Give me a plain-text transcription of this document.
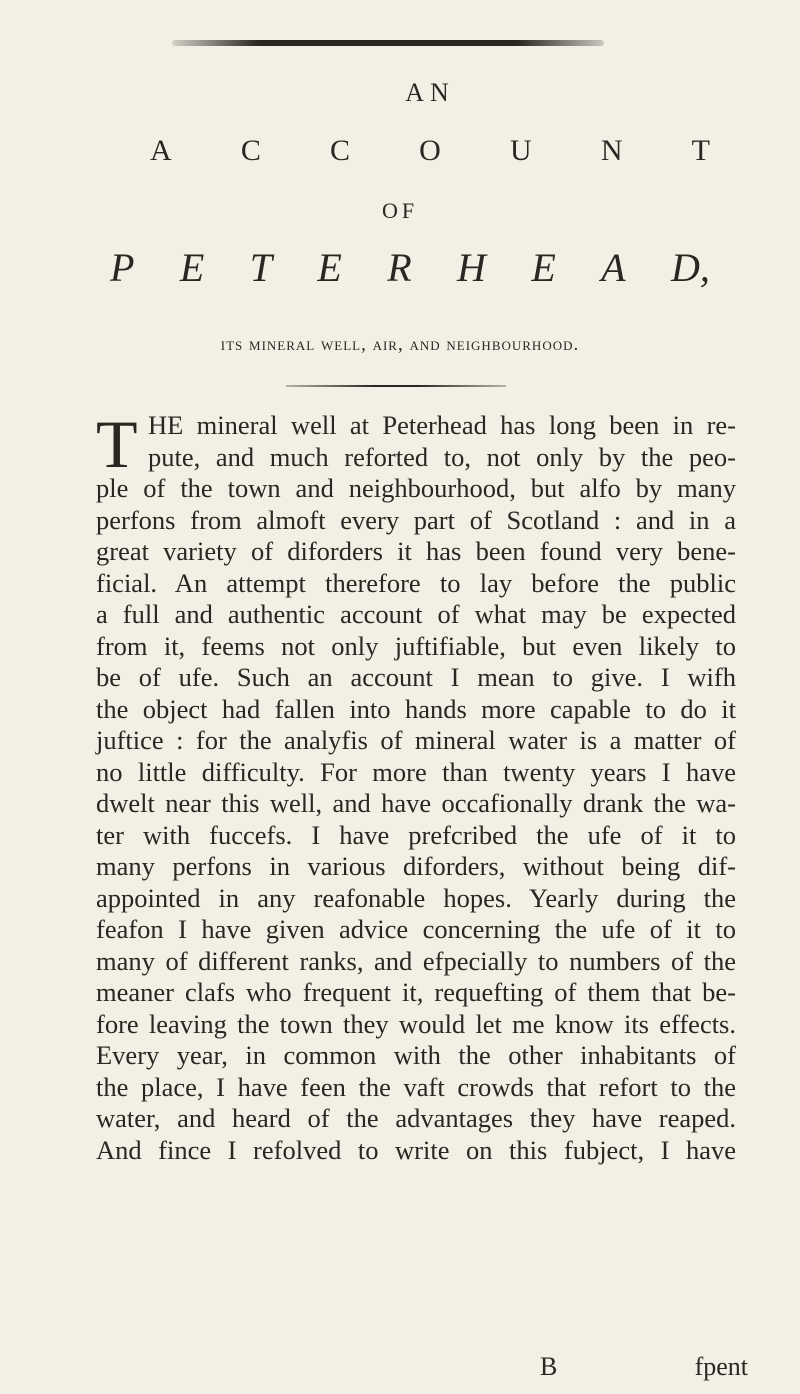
AN
A C C O U N T
OF
P E T E R H E A D,
its mineral well, air, and neighbourhood.
T HE mineral well at Peterhead has long been in re-
pute, and much reforted to, not only by the peo-
ple of the town and neighbourhood, but alfo by many
perfons from almoft every part of Scotland : and in a
great variety of diforders it has been found very bene-
ficial. An attempt therefore to lay before the public
a full and authentic account of what may be expected
from it, feems not only juftifiable, but even likely to
be of ufe. Such an account I mean to give. I wifh
the object had fallen into hands more capable to do it
juftice : for the analyfis of mineral water is a matter of
no little difficulty. For more than twenty years I have
dwelt near this well, and have occafionally drank the wa-
ter with fuccefs. I have prefcribed the ufe of it to
many perfons in various diforders, without being dif-
appointed in any reafonable hopes. Yearly during the
feafon I have given advice concerning the ufe of it to
many of different ranks, and efpecially to numbers of the
meaner clafs who frequent it, requefting of them that be-
fore leaving the town they would let me know its effects.
Every year, in common with the other inhabitants of
the place, I have feen the vaft crowds that refort to the
water, and heard of the advantages they have reaped.
And fince I refolved to write on this fubject, I have
B	fpent
